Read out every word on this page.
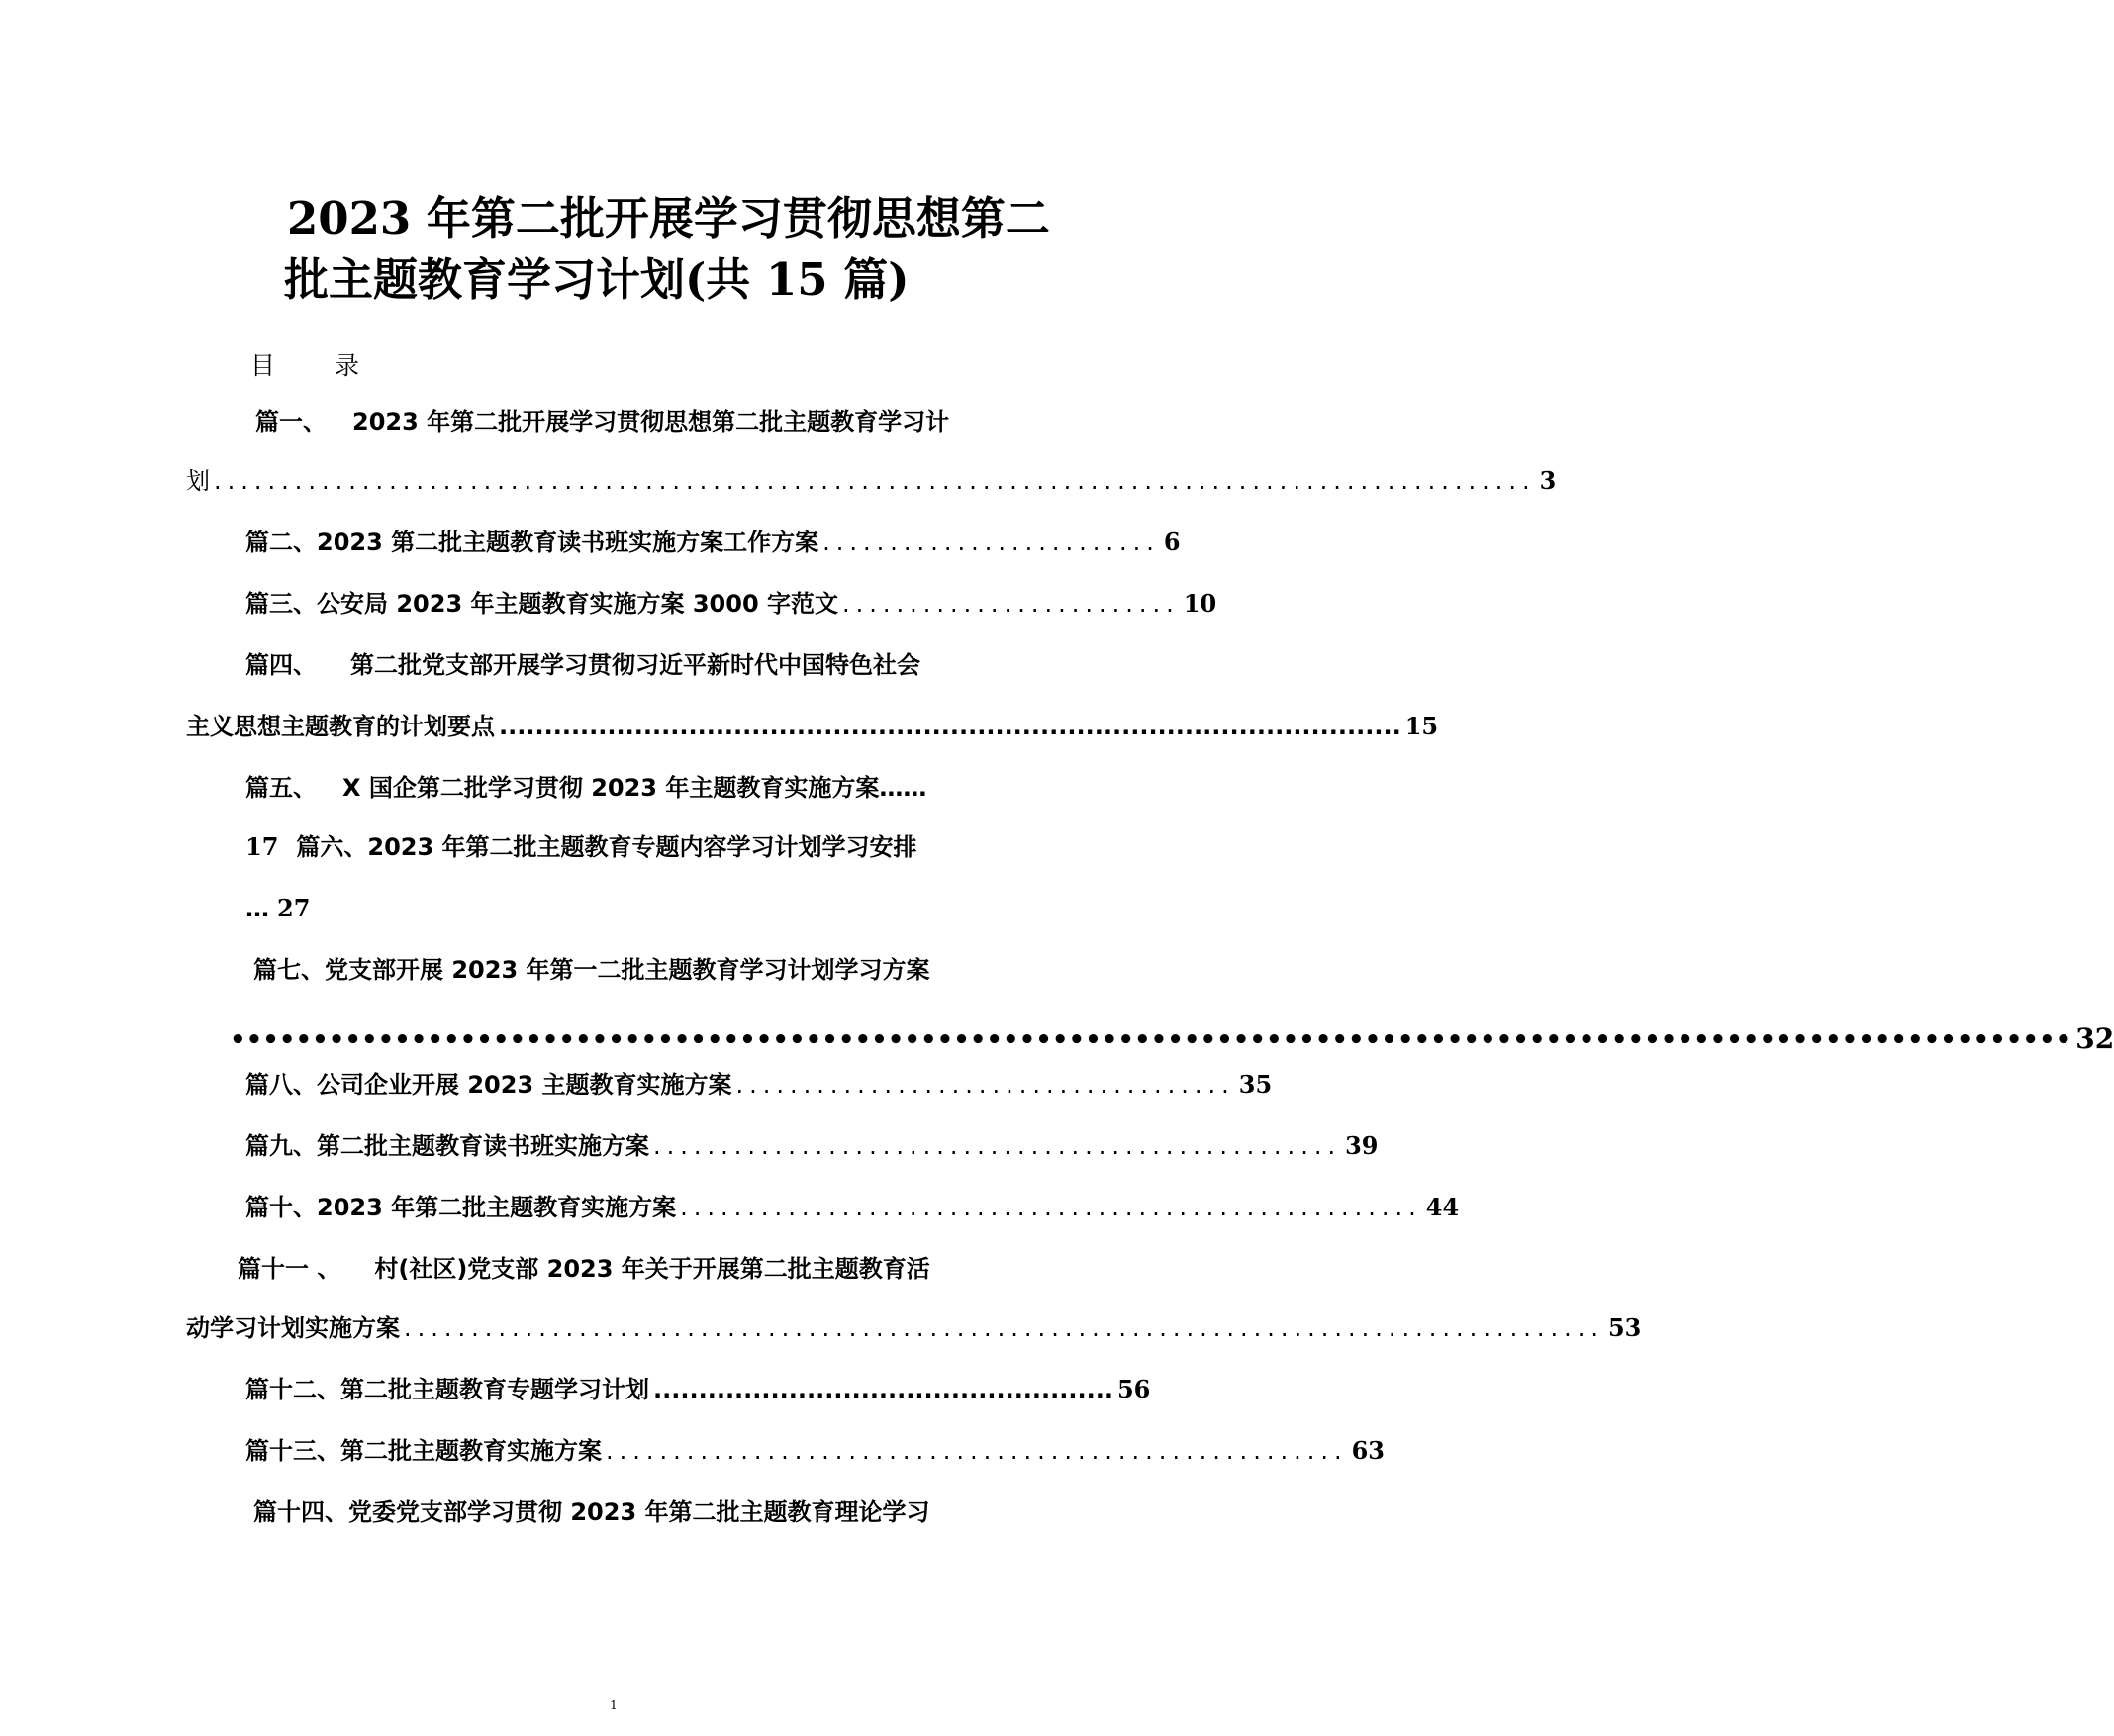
2023 年第二批开展学习贯彻思想第二
批主题教育学习计划(共 15 篇)
目 录
篇一、 2023 年第二批开展学习贯彻思想第二批主题教育学习计
划 .................................................................................................. 3
篇二、 2023 第二批主题教育读书班实施方案工作方案 ......................... 6
篇三、 公安局 2023 年主题教育实施方案 3000 字范文 ......................... 10
篇四、 第二批党支部开展学习贯彻习近平新时代中国特色社会
主义思想主题教育的计划要点 .................................................................................................... 15
篇五、 X 国企第二批学习贯彻 2023 年主题教育实施方案……
17 篇六、 2023 年第二批主题教育专题内容学习计划学习安排
… 27
篇七、 党支部开展 2023 年第一二批主题教育学习计划学习方案
•••••••••••••••••••••••••••••••••••••••••••••••••••••••••••••••••••••••••••••••••••••••••••••••••••••••••••••••• 32
篇八、 公司企业开展 2023 主题教育实施方案 ..................................... 35
篇九、 第二批主题教育读书班实施方案 ................................................... 39
篇十、 2023 年第二批主题教育实施方案 ....................................................... 44
篇十一 、 村(社区)党支部 2023 年关于开展第二批主题教育活
动学习计划实施方案 ......................................................................................... 53
篇十二、 第二批主题教育专题学习计划 ................................................... 56
篇十三、 第二批主题教育实施方案 ....................................................... 63
篇十四、 党委党支部学习贯彻 2023 年第二批主题教育理论学习
1
